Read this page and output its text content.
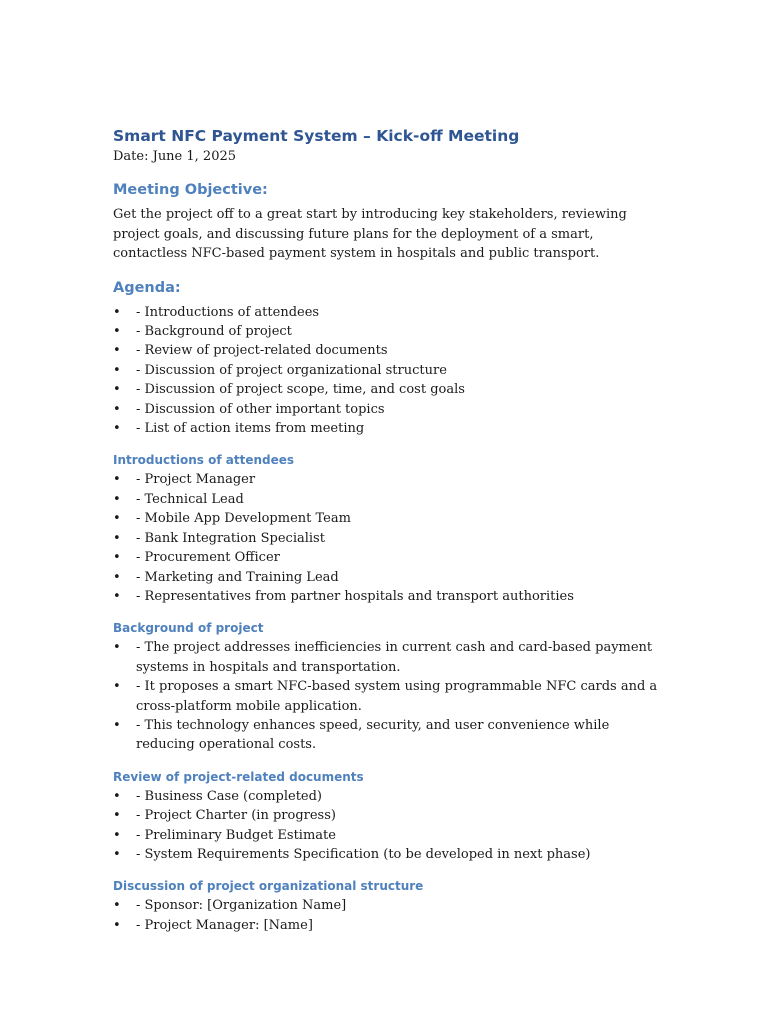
Smart NFC Payment System – Kick-off Meeting

Date: June 1, 2025

Meeting Objective:

Get the project off to a great start by introducing key stakeholders, reviewing project goals, and discussing future plans for the deployment of a smart, contactless NFC-based payment system in hospitals and public transport.

Agenda:
• - Introductions of attendees
• - Background of project
• - Review of project-related documents
• - Discussion of project organizational structure
• - Discussion of project scope, time, and cost goals
• - Discussion of other important topics
• - List of action items from meeting
Introductions of attendees
• - Project Manager
• - Technical Lead
• - Mobile App Development Team
• - Bank Integration Specialist
• - Procurement Officer
• - Marketing and Training Lead
• - Representatives from partner hospitals and transport authorities
Background of project
• - The project addresses inefficiencies in current cash and card-based payment systems in hospitals and transportation.
• - It proposes a smart NFC-based system using programmable NFC cards and a cross-platform mobile application.
• - This technology enhances speed, security, and user convenience while reducing operational costs.
Review of project-related documents
• - Business Case (completed)
• - Project Charter (in progress)
• - Preliminary Budget Estimate
• - System Requirements Specification (to be developed in next phase)
Discussion of project organizational structure
• - Sponsor: [Organization Name]
• - Project Manager: [Name]
